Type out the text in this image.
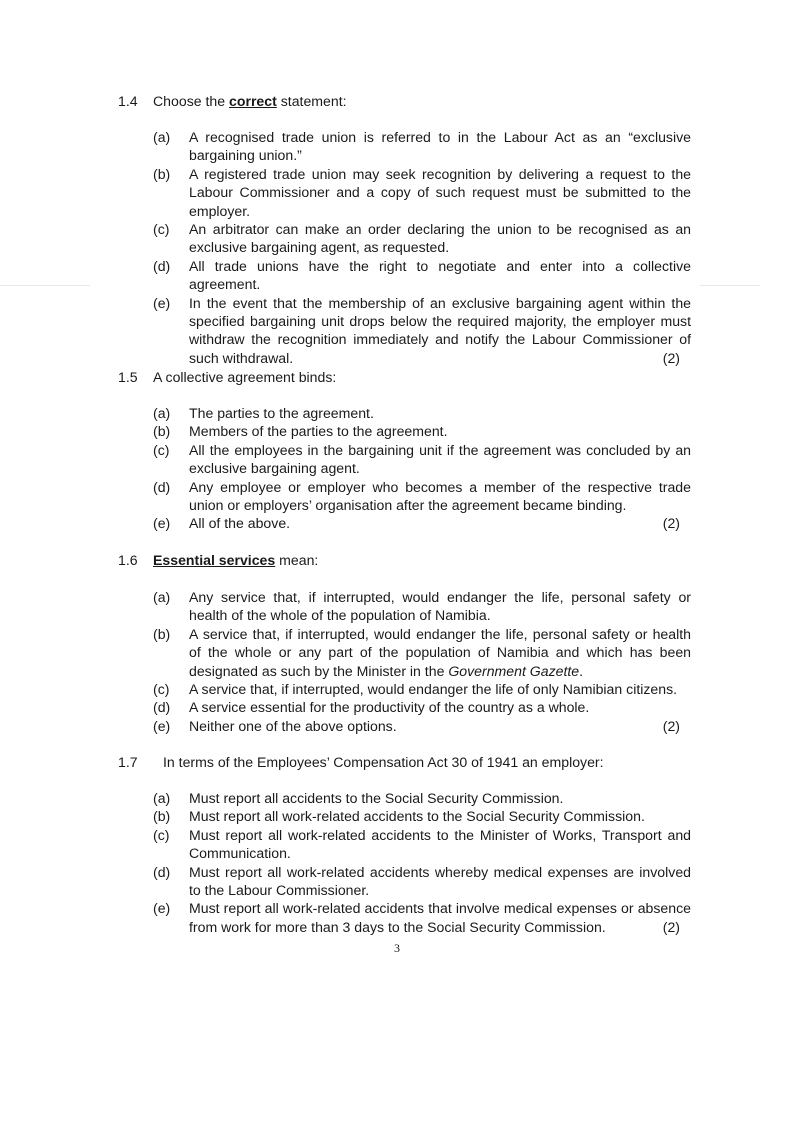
1.4 Choose the correct statement:
(a) A recognised trade union is referred to in the Labour Act as an “exclusive bargaining union.”
(b) A registered trade union may seek recognition by delivering a request to the Labour Commissioner and a copy of such request must be submitted to the employer.
(c) An arbitrator can make an order declaring the union to be recognised as an exclusive bargaining agent, as requested.
(d) All trade unions have the right to negotiate and enter into a collective agreement.
(e) In the event that the membership of an exclusive bargaining agent within the specified bargaining unit drops below the required majority, the employer must withdraw the recognition immediately and notify the Labour Commissioner of such withdrawal.	(2)
1.5 A collective agreement binds:
(a) The parties to the agreement.
(b) Members of the parties to the agreement.
(c) All the employees in the bargaining unit if the agreement was concluded by an exclusive bargaining agent.
(d) Any employee or employer who becomes a member of the respective trade union or employers’ organisation after the agreement became binding.
(e) All of the above.	(2)
1.6 Essential services mean:
(a) Any service that, if interrupted, would endanger the life, personal safety or health of the whole of the population of Namibia.
(b) A service that, if interrupted, would endanger the life, personal safety or health of the whole or any part of the population of Namibia and which has been designated as such by the Minister in the Government Gazette.
(c) A service that, if interrupted, would endanger the life of only Namibian citizens.
(d) A service essential for the productivity of the country as a whole.
(e) Neither one of the above options.	(2)
1.7 In terms of the Employees’ Compensation Act 30 of 1941 an employer:
(a) Must report all accidents to the Social Security Commission.
(b) Must report all work-related accidents to the Social Security Commission.
(c) Must report all work-related accidents to the Minister of Works, Transport and Communication.
(d) Must report all work-related accidents whereby medical expenses are involved to the Labour Commissioner.
(e) Must report all work-related accidents that involve medical expenses or absence from work for more than 3 days to the Social Security Commission.	(2)
3
